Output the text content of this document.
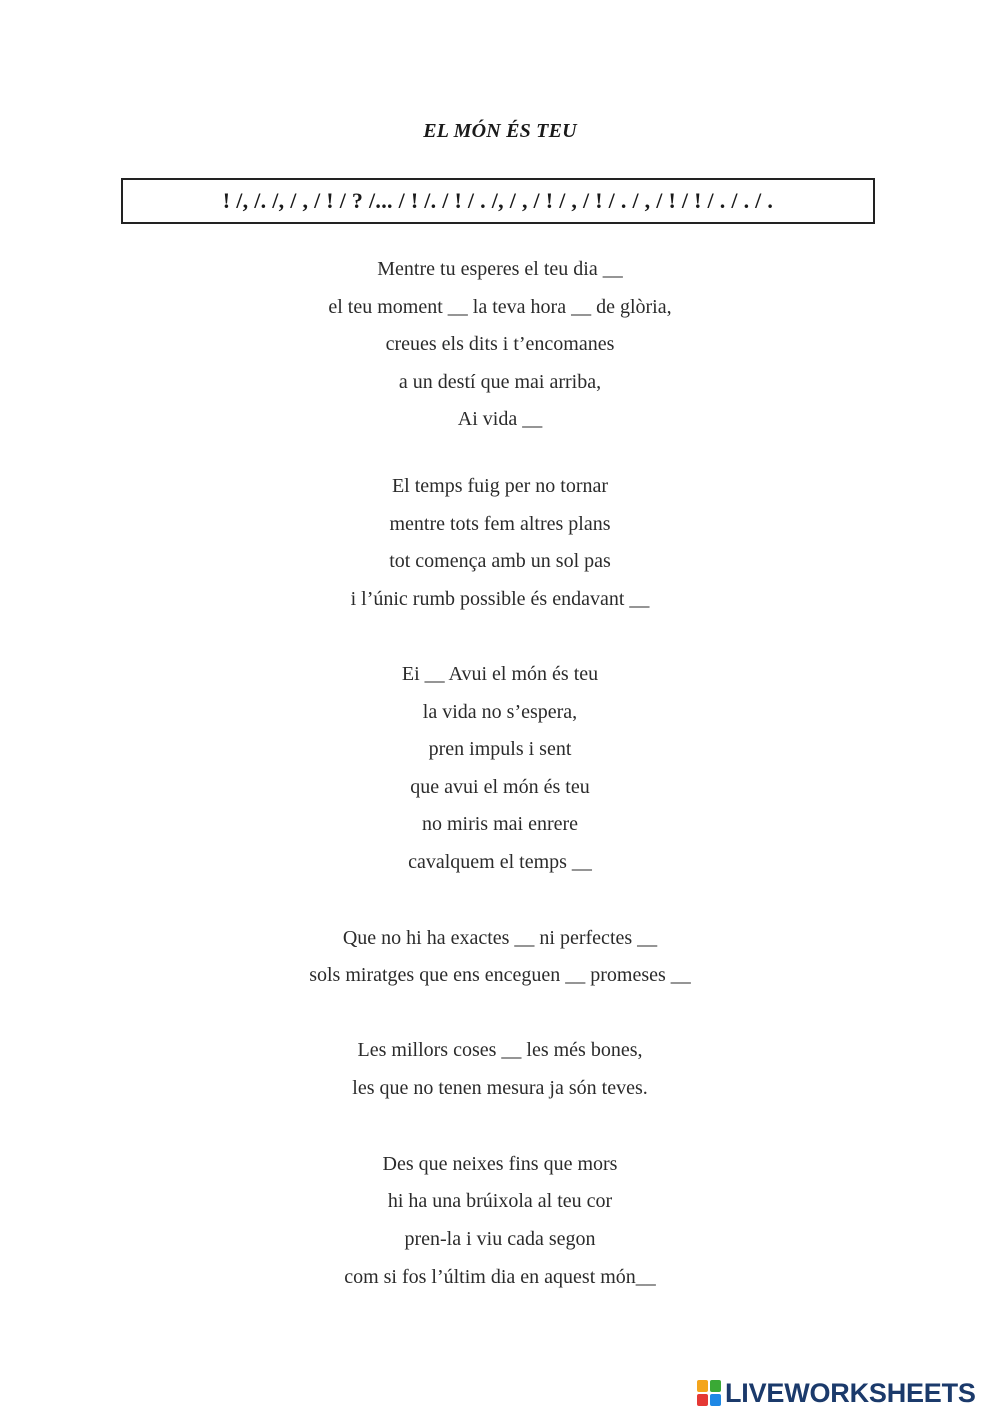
EL MÓN ÉS TEU
! /, /. /, / , / ! / ? /... / ! /. / ! / . /, / , / ! / , / ! / . / , / ! / ! / . / . / .
Mentre tu esperes el teu dia __
el teu moment __ la teva hora __ de glòria,
creues els dits i t’encomanes
a un destí que mai arriba,
Ai vida __
El temps fuig per no tornar
mentre tots fem altres plans
tot comença amb un sol pas
i l’únic rumb possible és endavant __
Ei __ Avui el món és teu
la vida no s’espera,
pren impuls i sent
que avui el món és teu
no miris mai enrere
cavalquem el temps __
Que no hi ha exactes __ ni perfectes __
sols miratges que ens enceguen __ promeses __
Les millors coses __ les més bones,
les que no tenen mesura ja són teves.
Des que neixes fins que mors
hi ha una brúixola al teu cor
pren-la i viu cada segon
com si fos l’últim dia en aquest món__
LIVEWORKSHEETS
